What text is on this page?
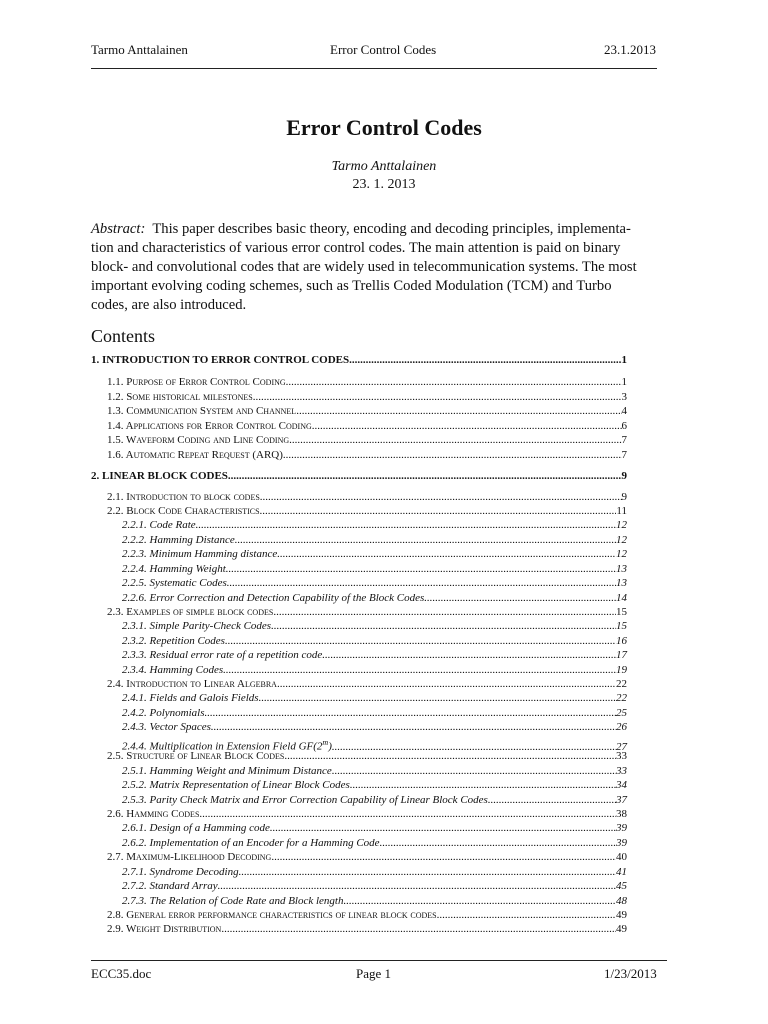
Tarmo Anttalainen	Error Control Codes	23.1.2013
Error Control Codes
Tarmo Anttalainen
23. 1. 2013
Abstract: This paper describes basic theory, encoding and decoding principles, implementa-
tion and characteristics of various error control codes. The main attention is paid on binary
block- and convolutional codes that are widely used in telecommunication systems. The most
important evolving coding schemes, such as Trellis Coded Modulation (TCM) and Turbo
codes, are also introduced.
Contents
1. INTRODUCTION TO ERROR CONTROL CODES .....	1
1.1. Purpose of Error Control Coding .....	1
1.2. Some historical milestones .....	3
1.3. Communication System and Channel .....	4
1.4. Applications for Error Control Coding .....	6
1.5. Waveform Coding and Line Coding .....	7
1.6. Automatic Repeat Request (ARQ) .....	7
2. LINEAR BLOCK CODES .....	9
2.1. Introduction to block codes .....	9
2.2. Block Code Characteristics .....	11
2.2.1. Code Rate .....	12
2.2.2. Hamming Distance .....	12
2.2.3. Minimum Hamming distance .....	12
2.2.4. Hamming Weight .....	13
2.2.5. Systematic Codes .....	13
2.2.6. Error Correction and Detection Capability of the Block Codes .....	14
2.3. Examples of simple block codes .....	15
2.3.1. Simple Parity-Check Codes .....	15
2.3.2. Repetition Codes .....	16
2.3.3. Residual error rate of a repetition code .....	17
2.3.4. Hamming Codes .....	19
2.4. Introduction to Linear Algebra .....	22
2.4.1. Fields and Galois Fields .....	22
2.4.2. Polynomials .....	25
2.4.3. Vector Spaces .....	26
2.4.4. Multiplication in Extension Field GF(2$^m$) .....	27
2.5. Structure of Linear Block Codes .....	33
2.5.1. Hamming Weight and Minimum Distance .....	33
2.5.2. Matrix Representation of Linear Block Codes .....	34
2.5.3. Parity Check Matrix and Error Correction Capability of Linear Block Codes .....	37
2.6. Hamming Codes .....	38
2.6.1. Design of a Hamming code .....	39
2.6.2. Implementation of an Encoder for a Hamming Code .....	39
2.7. Maximum-Likelihood Decoding .....	40
2.7.1. Syndrome Decoding .....	41
2.7.2. Standard Array .....	45
2.7.3. The Relation of Code Rate and Block length .....	48
2.8. General error performance characteristics of linear block codes .....	49
2.9. Weight Distribution .....	49
ECC35.doc	Page 1	1/23/2013
